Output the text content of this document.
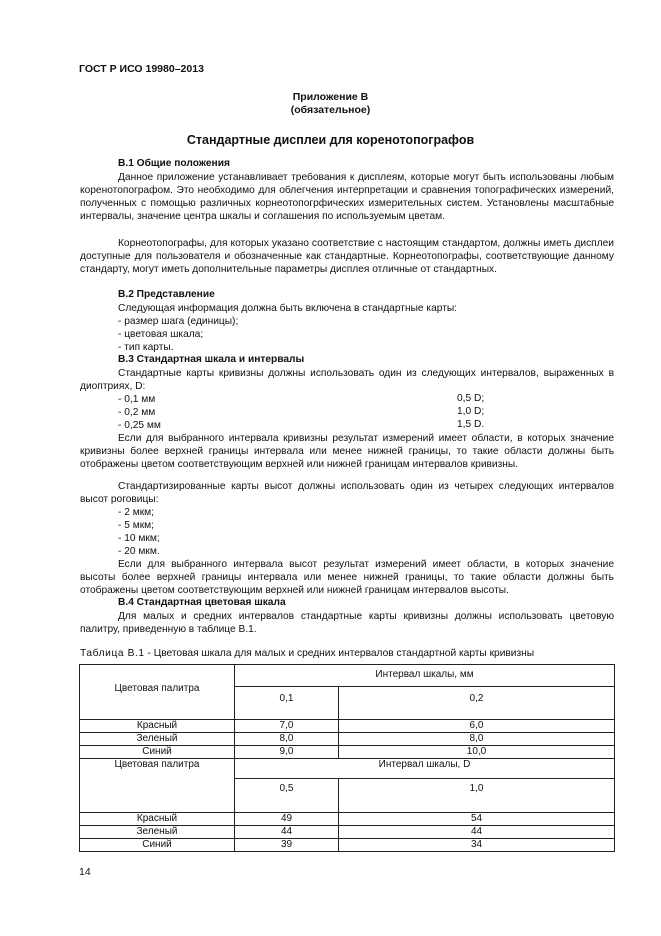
ГОСТ Р ИСО 19980–2013
Приложение В
(обязательное)
Стандартные дисплеи для коренотопографов
В.1 Общие положения
Данное приложение устанавливает требования к дисплеям, которые могут быть использованы любым коренотопографом. Это необходимо для облегчения интерпретации и сравнения топографических измерений, полученных с помощью различных корнеотопогрфических измерительных систем. Установлены масштабные интервалы, значение центра шкалы и соглашения по используемым цветам.
Корнеотопографы, для которых указано соответствие с настоящим стандартом, должны иметь дисплеи доступные для пользователя и обозначенные как стандартные. Корнеотопографы, соответствующие данному стандарту, могут иметь дополнительные параметры дисплея отличные от стандартных.
В.2 Представление
Следующая информация должна быть включена в стандартные карты:
- размер шага (единицы);
- цветовая шкала;
- тип карты.
В.3 Стандартная шкала и интервалы
Стандартные карты кривизны должны использовать один из следующих интервалов, выраженных в диоптриях, D:
- 0,1 мм	0,5 D;
- 0,2 мм	1,0 D;
- 0,25 мм	1,5 D.
Если для выбранного интервала кривизны результат измерений имеет области, в которых значение кривизны более верхней границы интервала или менее нижней границы, то такие области должны быть отображены цветом соответствующим верхней или нижней границам интервалов кривизны.
Стандартизированные карты высот должны использовать один из четырех следующих интервалов высот роговицы:
- 2 мкм;
- 5 мкм;
- 10 мкм;
- 20 мкм.
Если для выбранного интервала высот результат измерений имеет области, в которых значение высоты более верхней границы интервала или менее нижней границы, то такие области должны быть отображены цветом соответствующим верхней или нижней границам интервалов высоты.
В.4 Стандартная цветовая шкала
Для малых и средних интервалов стандартные карты кривизны должны использовать цветовую палитру, приведенную в таблице В.1.
Таблица В.1 - Цветовая шкала для малых и средних интервалов стандартной карты кривизны
Цветовая палитра	Интервал шкалы, мм	
	0,1	0,2
Красный	7,0	6,0
Зеленый	8,0	8,0
Синий	9,0	10,0
Цветовая палитра	Интервал шкалы, D	
	0,5	1,0
Красный	49	54
Зеленый	44	44
Синий	39	34
14
